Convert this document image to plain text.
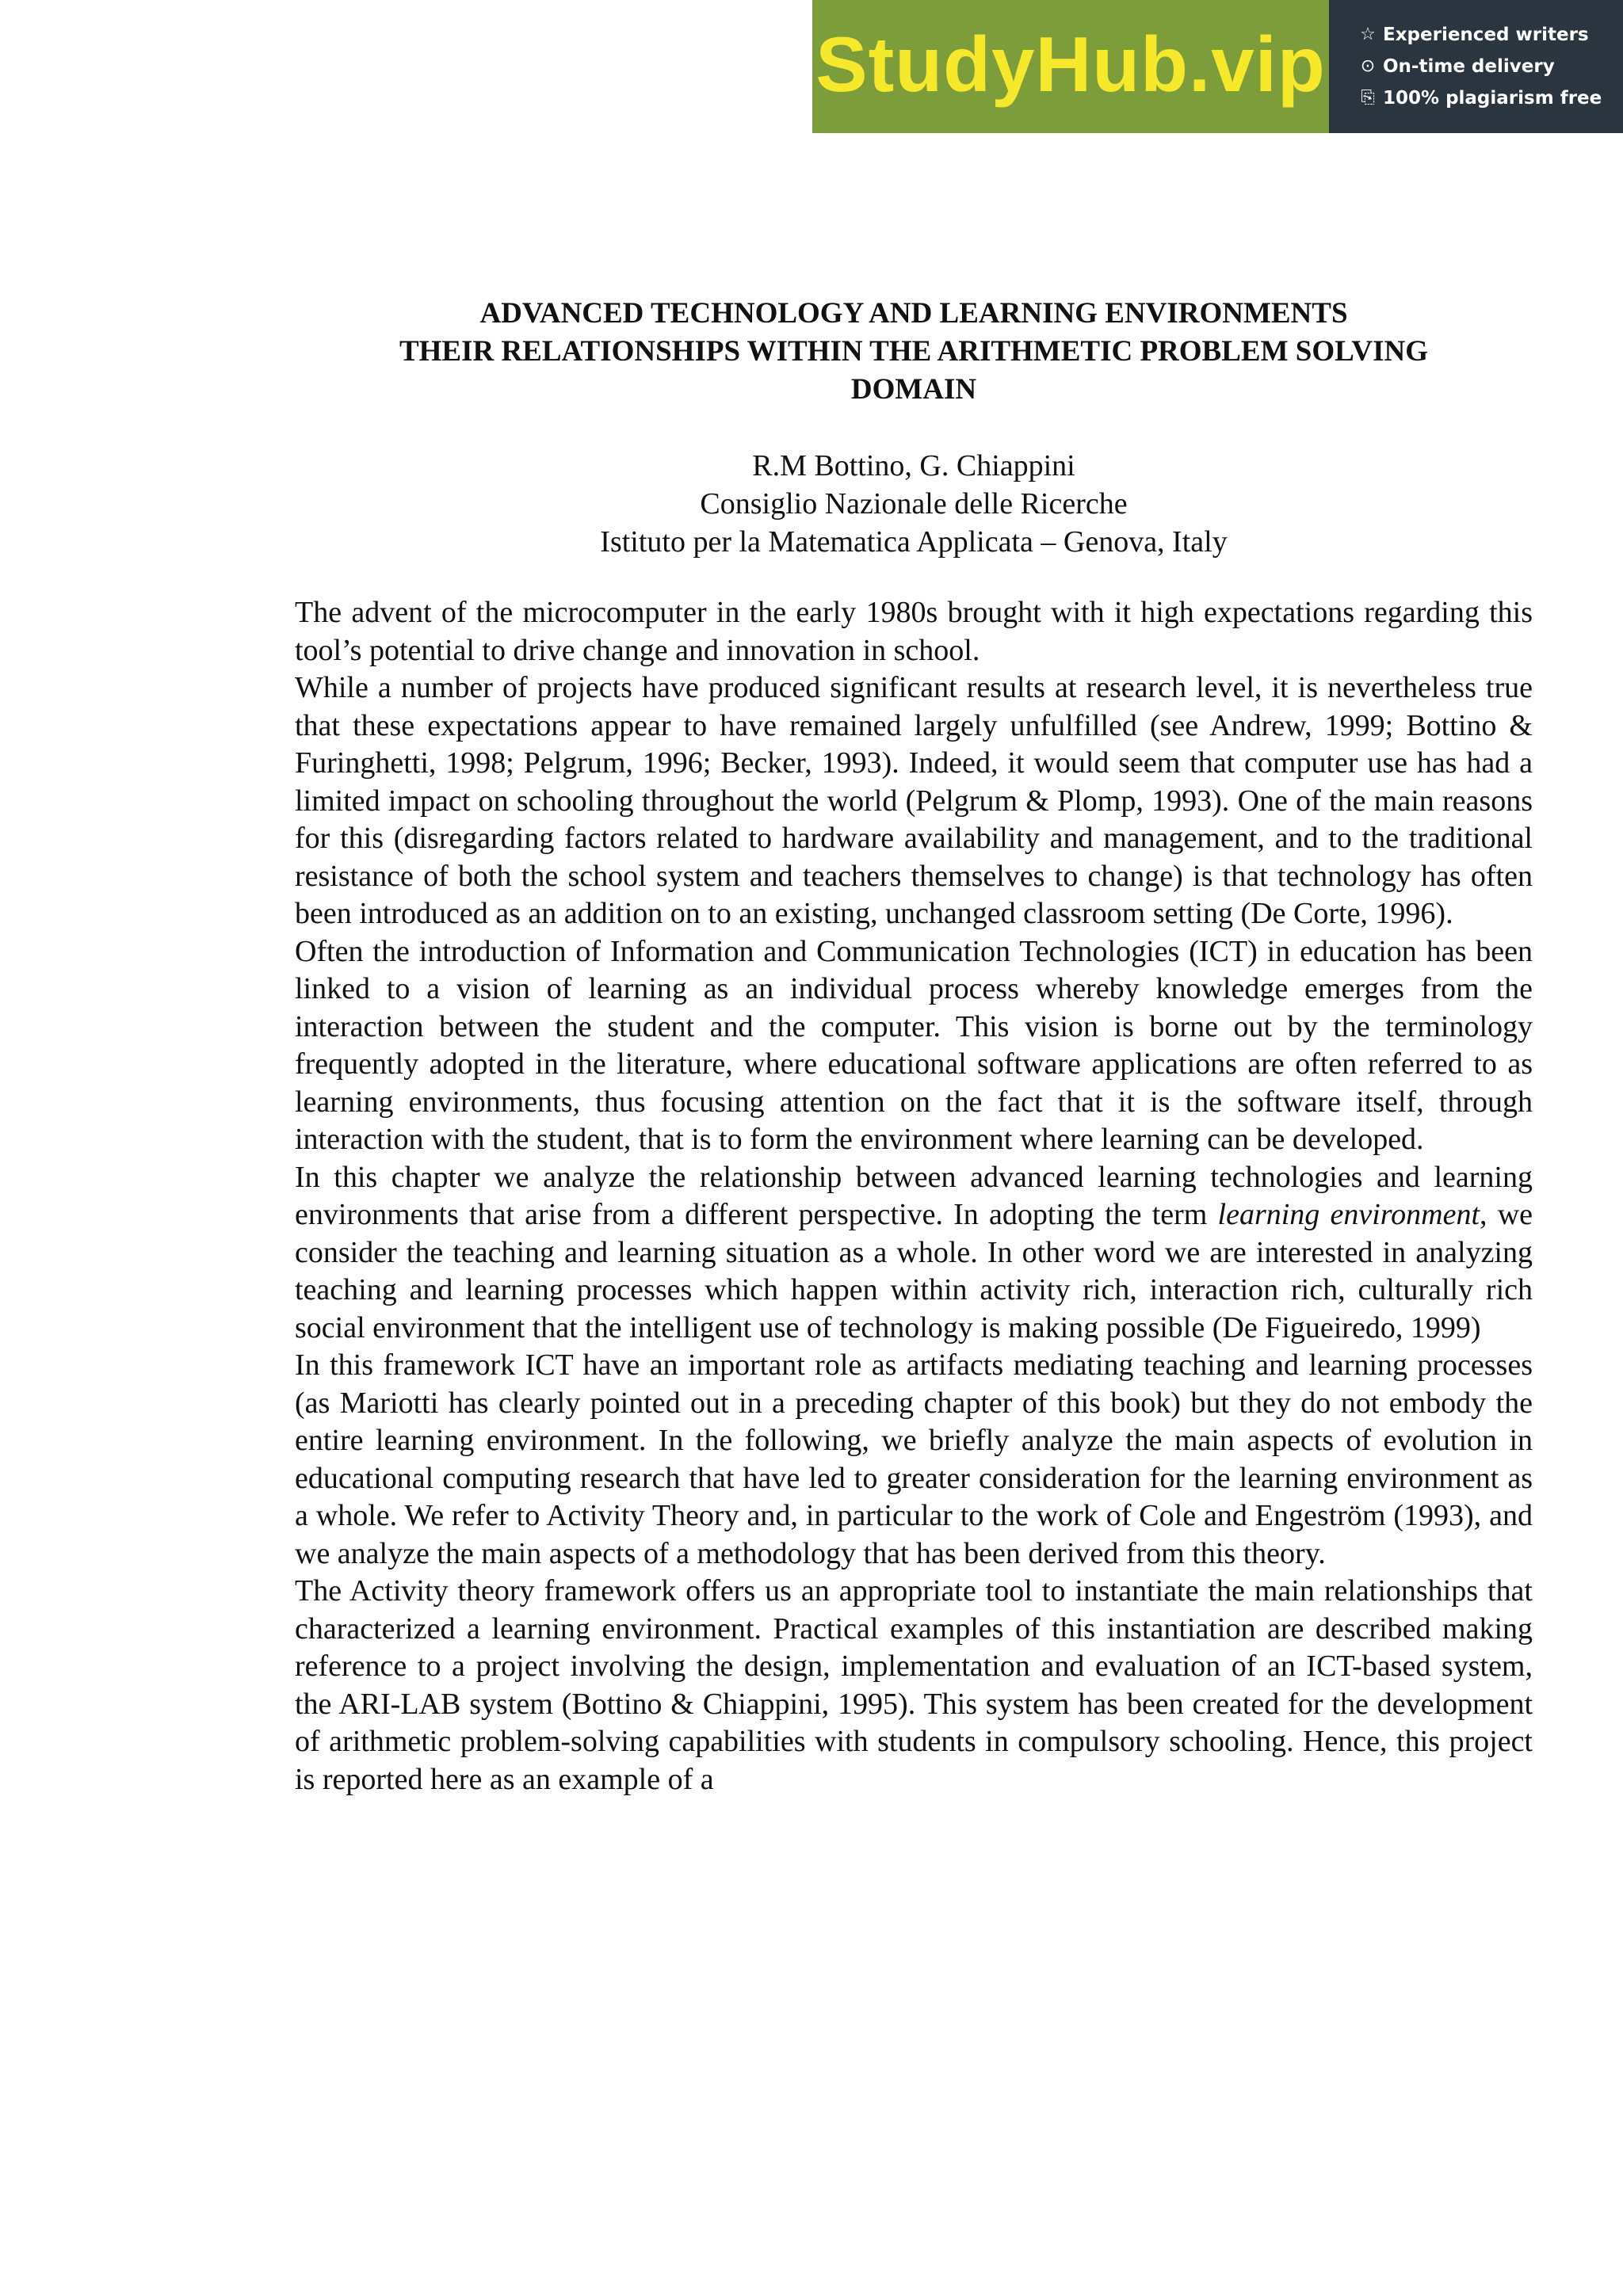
StudyHub.vip ☆ Experienced writers
⊙ On-time delivery
⎘ 100% plagiarism free
ADVANCED TECHNOLOGY AND LEARNING ENVIRONMENTS
THEIR RELATIONSHIPS WITHIN THE ARITHMETIC PROBLEM SOLVING
DOMAIN
R.M Bottino, G. Chiappini
Consiglio Nazionale delle Ricerche
Istituto per la Matematica Applicata – Genova, Italy

The advent of the microcomputer in the early 1980s brought with it high expectations regarding this tool’s potential to drive change and innovation in school.

While a number of projects have produced significant results at research level, it is nevertheless true that these expectations appear to have remained largely unfulfilled (see Andrew, 1999; Bottino & Furinghetti, 1998; Pelgrum, 1996; Becker, 1993). Indeed, it would seem that computer use has had a limited impact on schooling throughout the world (Pelgrum & Plomp, 1993). One of the main reasons for this (disregarding factors related to hardware availability and management, and to the traditional resistance of both the school system and teachers themselves to change) is that technology has often been introduced as an addition on to an existing, unchanged classroom setting (De Corte, 1996).

Often the introduction of Information and Communication Technologies (ICT) in education has been linked to a vision of learning as an individual process whereby knowledge emerges from the interaction between the student and the computer. This vision is borne out by the terminology frequently adopted in the literature, where educational software applications are often referred to as learning environments, thus focusing attention on the fact that it is the software itself, through interaction with the student, that is to form the environment where learning can be developed.

In this chapter we analyze the relationship between advanced learning technologies and learning environments that arise from a different perspective. In adopting the term learning environment, we consider the teaching and learning situation as a whole. In other word we are interested in analyzing teaching and learning processes which happen within activity rich, interaction rich, culturally rich social environment that the intelligent use of technology is making possible (De Figueiredo, 1999)

In this framework ICT have an important role as artifacts mediating teaching and learning processes (as Mariotti has clearly pointed out in a preceding chapter of this book) but they do not embody the entire learning environment. In the following, we briefly analyze the main aspects of evolution in educational computing research that have led to greater consideration for the learning environment as a whole. We refer to Activity Theory and, in particular to the work of Cole and Engeström (1993), and we analyze the main aspects of a methodology that has been derived from this theory.

The Activity theory framework offers us an appropriate tool to instantiate the main relationships that characterized a learning environment. Practical examples of this instantiation are described making reference to a project involving the design, implementation and evaluation of an ICT-based system, the ARI-LAB system (Bottino & Chiappini, 1995). This system has been created for the development of arithmetic problem-solving capabilities with students in compulsory schooling. Hence, this project is reported here as an example of a
